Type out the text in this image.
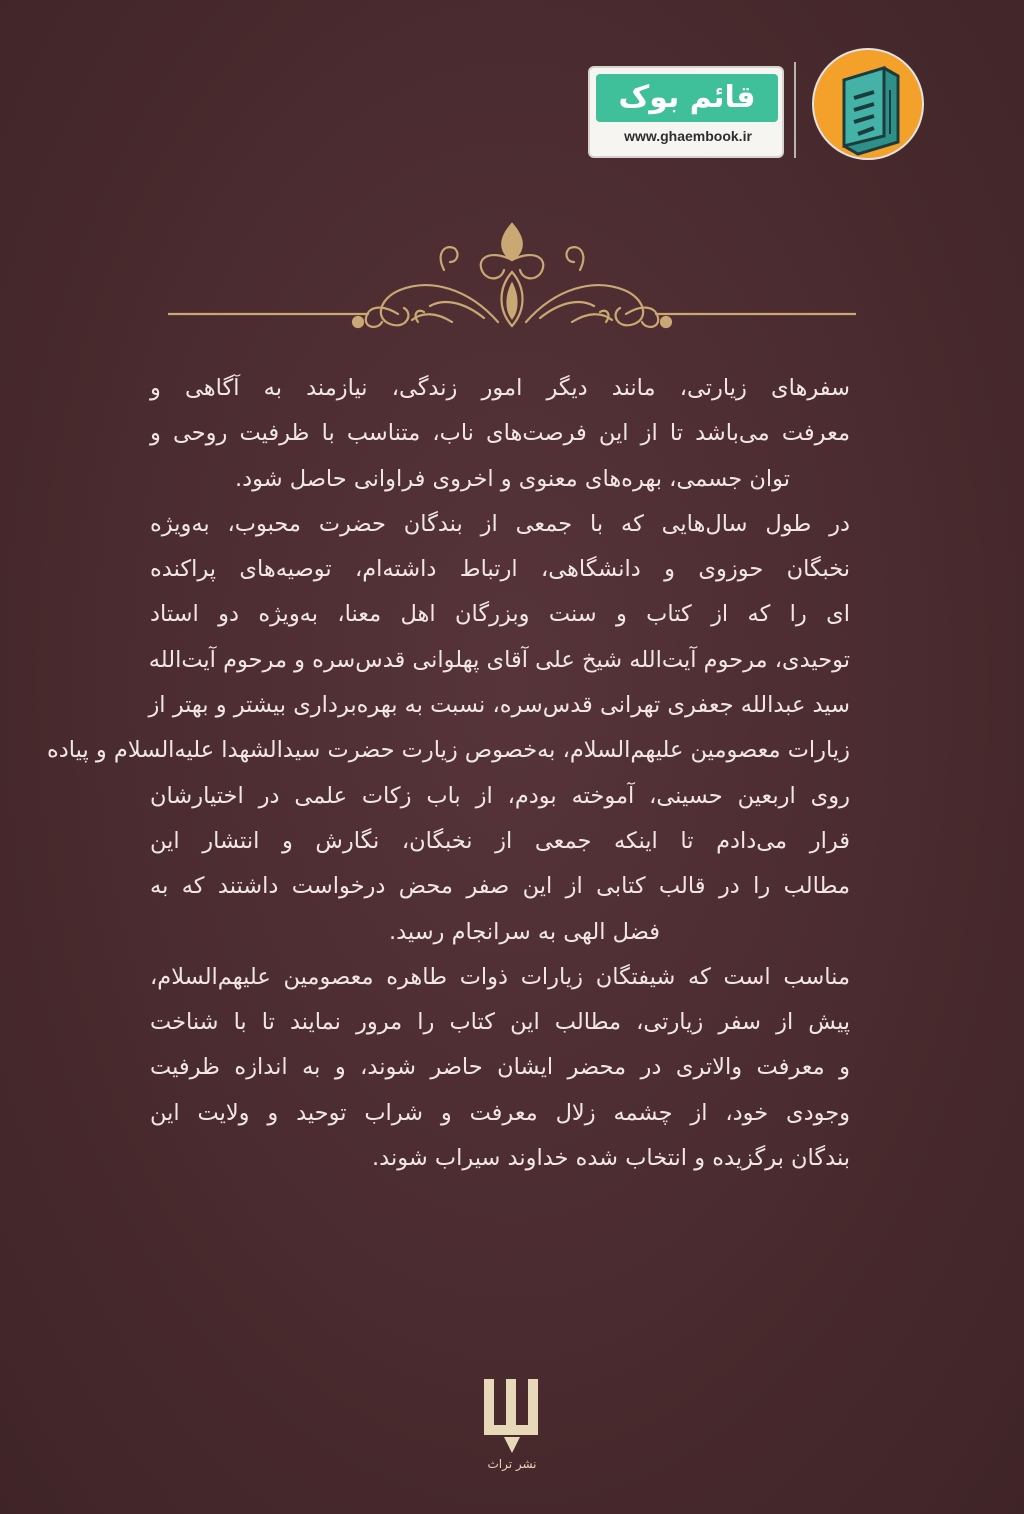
قائم بوک
www.ghaembook.ir
سفرهای زیارتی، مانند دیگر امور زندگی، نیازمند به آگاهی و
معرفت می‌باشد تا از این فرصت‌های ناب، متناسب با ظرفیت روحی و
توان جسمی، بهره‌های معنوی و اخروی فراوانی حاصل شود.
در طول سال‌هایی که با جمعی از بندگان حضرت محبوب، به‌ویژه
نخبگان حوزوی و دانشگاهی، ارتباط داشته‌ام، توصیه‌های پراکنده
ای را که از کتاب و سنت وبزرگان اهل معنا، به‌ویژه دو استاد
توحیدی، مرحوم آیت‌الله شیخ علی آقای پهلوانی قدس‌سره و مرحوم آیت‌الله
سید عبدالله جعفری تهرانی قدس‌سره، نسبت به بهره‌برداری بیشتر و بهتر از
زیارات معصومین علیهم‌السلام، به‌خصوص زیارت حضرت سیدالشهدا علیه‌السلام و پیاده
روی اربعین حسینی، آموخته بودم، از باب زکات علمی در اختیارشان
قرار می‌دادم تا اینکه جمعی از نخبگان، نگارش و انتشار این
مطالب را در قالب کتابی از این صفر محض درخواست داشتند که به
فضل الهی به سرانجام رسید.
مناسب است که شیفتگان زیارات ذوات طاهره معصومین علیهم‌السلام،
پیش از سفر زیارتی، مطالب این کتاب را مرور نمایند تا با شناخت
و معرفت والاتری در محضر ایشان حاضر شوند، و به اندازه ظرفیت
وجودی خود، از چشمه زلال معرفت و شراب توحید و ولایت این
بندگان برگزیده و انتخاب شده خداوند سیراب شوند.
نشر تراث
